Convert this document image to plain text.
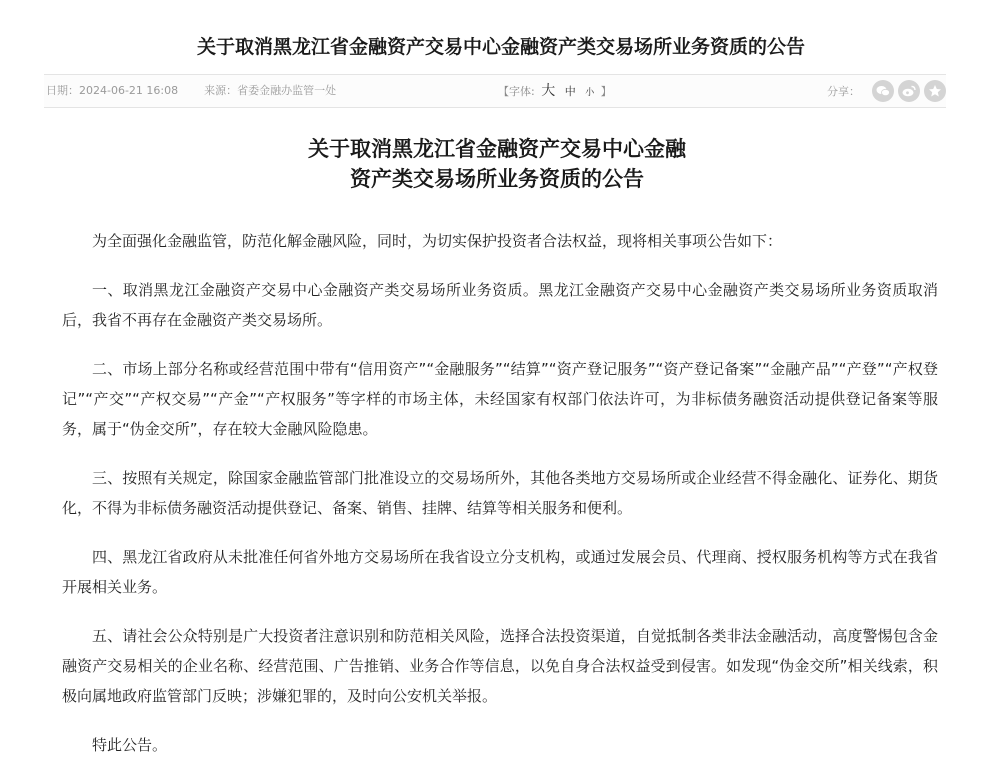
关于取消黑龙江省金融资产交易中心金融资产类交易场所业务资质的公告
日期：2024-06-21 16:08 来源：省委金融办监管一处	【字体: 大 中 小 】	分享：
关于取消黑龙江省金融资产交易中心金融
资产类交易场所业务资质的公告

为全面强化金融监管，防范化解金融风险，同时，为切实保护投资者合法权益，现将相关事项公告如下：

一、取消黑龙江金融资产交易中心金融资产类交易场所业务资质。黑龙江金融资产交易中心金融资产类交易场所业务资质取消后，我省不再存在金融资产类交易场所。

二、市场上部分名称或经营范围中带有“信用资产”“金融服务”“结算”“资产登记服务”“资产登记备案”“金融产品”“产登”“产权登记”“产交”“产权交易”“产金”“产权服务”等字样的市场主体，未经国家有权部门依法许可，为非标债务融资活动提供登记备案等服务，属于“伪金交所”，存在较大金融风险隐患。

三、按照有关规定，除国家金融监管部门批准设立的交易场所外，其他各类地方交易场所或企业经营不得金融化、证券化、期货化，不得为非标债务融资活动提供登记、备案、销售、挂牌、结算等相关服务和便利。

四、黑龙江省政府从未批准任何省外地方交易场所在我省设立分支机构，或通过发展会员、代理商、授权服务机构等方式在我省开展相关业务。

五、请社会公众特别是广大投资者注意识别和防范相关风险，选择合法投资渠道，自觉抵制各类非法金融活动，高度警惕包含金融资产交易相关的企业名称、经营范围、广告推销、业务合作等信息，以免自身合法权益受到侵害。如发现“伪金交所”相关线索，积极向属地政府监管部门反映；涉嫌犯罪的，及时向公安机关举报。

特此公告。
